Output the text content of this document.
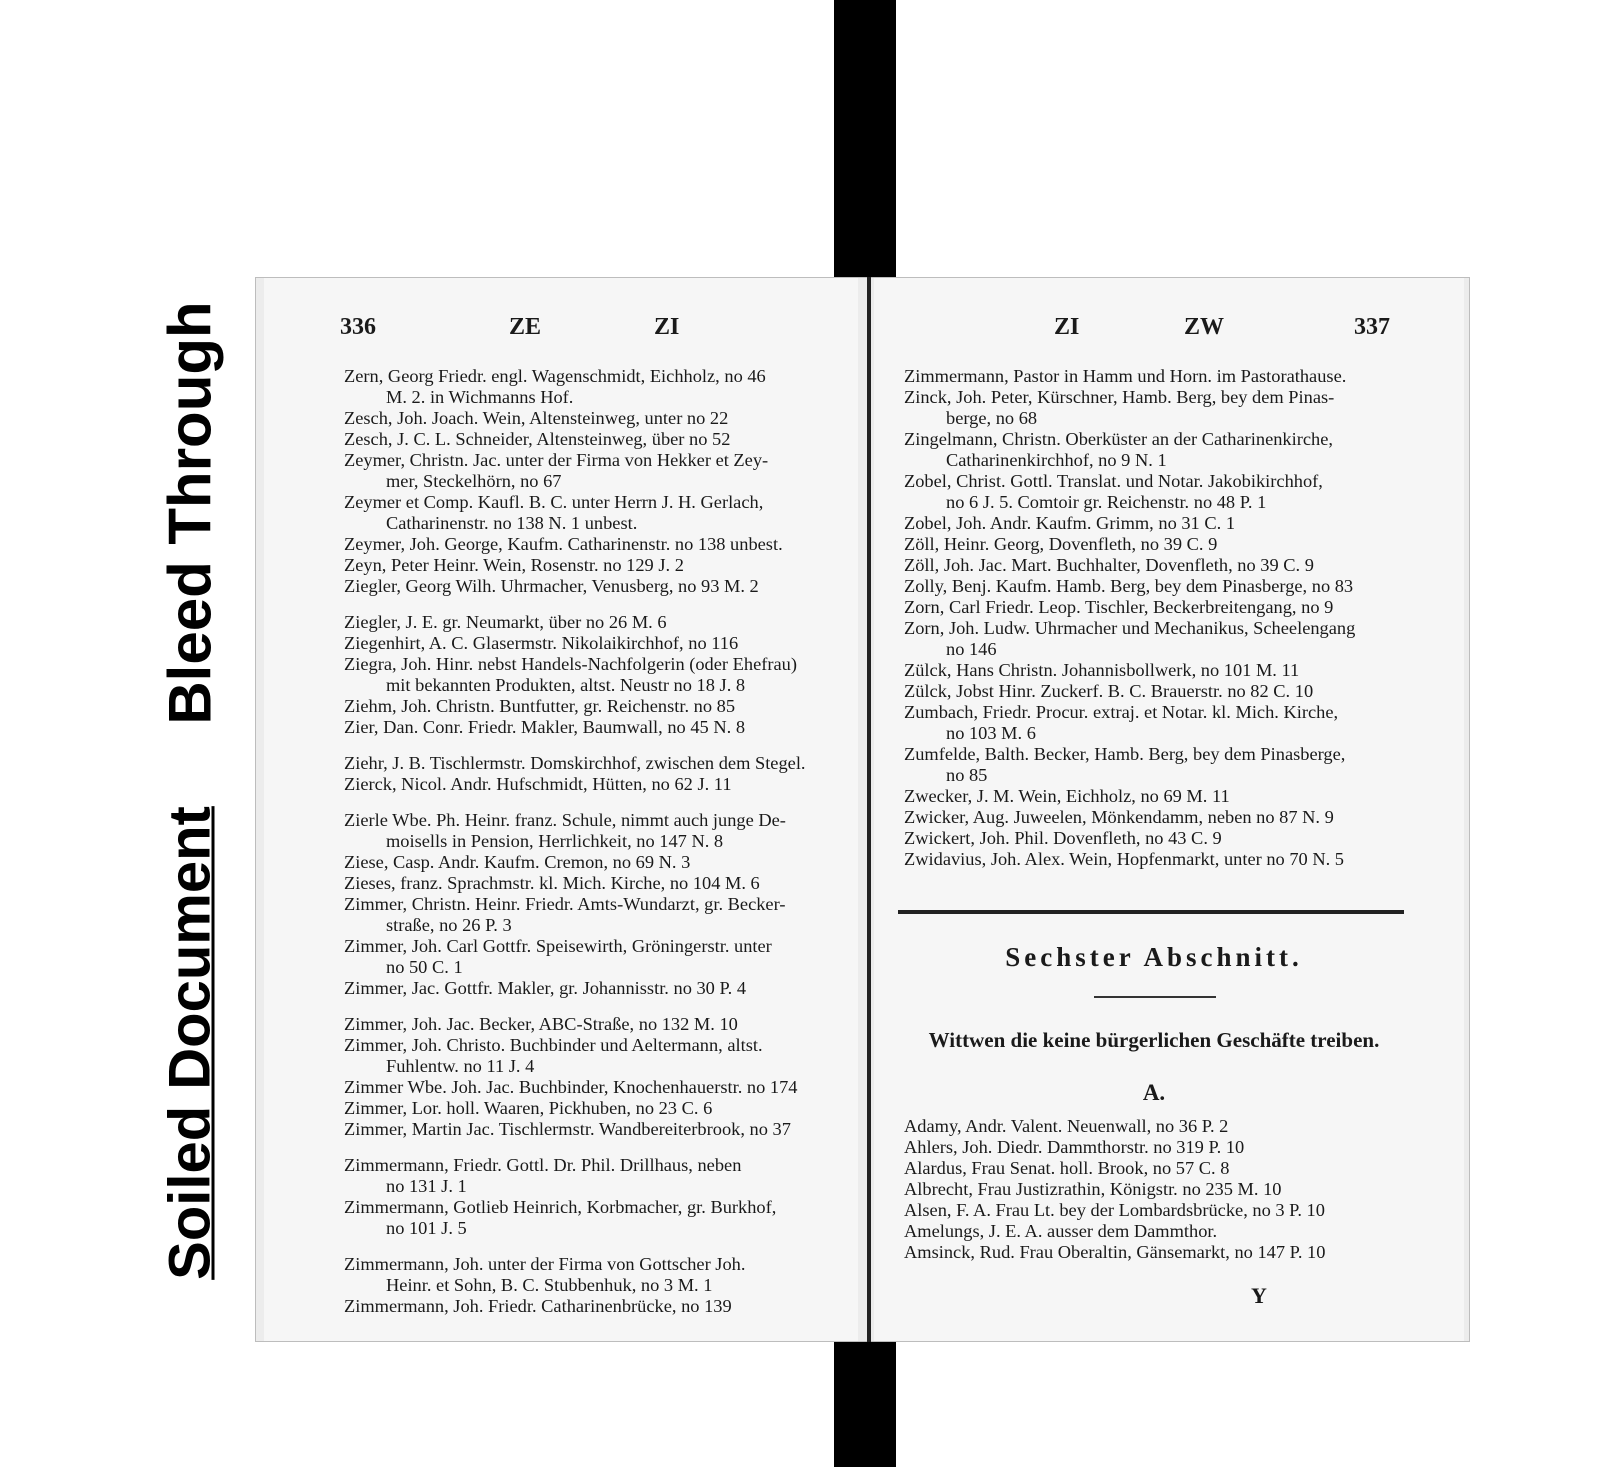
Bleed Through
Soiled Document
336	ZE	ZI
Zern, Georg Friedr. engl. Wagenschmidt, Eichholz, no 46
M. 2. in Wichmanns Hof.
Zesch, Joh. Joach. Wein, Altensteinweg, unter no 22
Zesch, J. C. L. Schneider, Altensteinweg, über no 52
Zeymer, Christn. Jac. unter der Firma von Hekker et Zey-
mer, Steckelhörn, no 67
Zeymer et Comp. Kaufl. B. C. unter Herrn J. H. Gerlach,
Catharinenstr. no 138 N. 1 unbest.
Zeymer, Joh. George, Kaufm. Catharinenstr. no 138 unbest.
Zeyn, Peter Heinr. Wein, Rosenstr. no 129 J. 2
Ziegler, Georg Wilh. Uhrmacher, Venusberg, no 93 M. 2
Ziegler, J. E. gr. Neumarkt, über no 26 M. 6
Ziegenhirt, A. C. Glasermstr. Nikolaikirchhof, no 116
Ziegra, Joh. Hinr. nebst Handels-Nachfolgerin (oder Ehefrau)
mit bekannten Produkten, altst. Neustr no 18 J. 8
Ziehm, Joh. Christn. Buntfutter, gr. Reichenstr. no 85
Zier, Dan. Conr. Friedr. Makler, Baumwall, no 45 N. 8
Ziehr, J. B. Tischlermstr. Domskirchhof, zwischen dem Stegel.
Zierck, Nicol. Andr. Hufschmidt, Hütten, no 62 J. 11
Zierle Wbe. Ph. Heinr. franz. Schule, nimmt auch junge De-
moisells in Pension, Herrlichkeit, no 147 N. 8
Ziese, Casp. Andr. Kaufm. Cremon, no 69 N. 3
Zieses, franz. Sprachmstr. kl. Mich. Kirche, no 104 M. 6
Zimmer, Christn. Heinr. Friedr. Amts-Wundarzt, gr. Becker-
straße, no 26 P. 3
Zimmer, Joh. Carl Gottfr. Speisewirth, Gröningerstr. unter
no 50 C. 1
Zimmer, Jac. Gottfr. Makler, gr. Johannisstr. no 30 P. 4
Zimmer, Joh. Jac. Becker, ABC-Straße, no 132 M. 10
Zimmer, Joh. Christo. Buchbinder und Aeltermann, altst.
Fuhlentw. no 11 J. 4
Zimmer Wbe. Joh. Jac. Buchbinder, Knochenhauerstr. no 174
Zimmer, Lor. holl. Waaren, Pickhuben, no 23 C. 6
Zimmer, Martin Jac. Tischlermstr. Wandbereiterbrook, no 37
Zimmermann, Friedr. Gottl. Dr. Phil. Drillhaus, neben
no 131 J. 1
Zimmermann, Gotlieb Heinrich, Korbmacher, gr. Burkhof,
no 101 J. 5
Zimmermann, Joh. unter der Firma von Gottscher Joh.
Heinr. et Sohn, B. C. Stubbenhuk, no 3 M. 1
Zimmermann, Joh. Friedr. Catharinenbrücke, no 139
ZI	ZW	337
Zimmermann, Pastor in Hamm und Horn. im Pastorathause.
Zinck, Joh. Peter, Kürschner, Hamb. Berg, bey dem Pinas-
berge, no 68
Zingelmann, Christn. Oberküster an der Catharinenkirche,
Catharinenkirchhof, no 9 N. 1
Zobel, Christ. Gottl. Translat. und Notar. Jakobikirchhof,
no 6 J. 5. Comtoir gr. Reichenstr. no 48 P. 1
Zobel, Joh. Andr. Kaufm. Grimm, no 31 C. 1
Zöll, Heinr. Georg, Dovenfleth, no 39 C. 9
Zöll, Joh. Jac. Mart. Buchhalter, Dovenfleth, no 39 C. 9
Zolly, Benj. Kaufm. Hamb. Berg, bey dem Pinasberge, no 83
Zorn, Carl Friedr. Leop. Tischler, Beckerbreitengang, no 9
Zorn, Joh. Ludw. Uhrmacher und Mechanikus, Scheelengang
no 146
Zülck, Hans Christn. Johannisbollwerk, no 101 M. 11
Zülck, Jobst Hinr. Zuckerf. B. C. Brauerstr. no 82 C. 10
Zumbach, Friedr. Procur. extraj. et Notar. kl. Mich. Kirche,
no 103 M. 6
Zumfelde, Balth. Becker, Hamb. Berg, bey dem Pinasberge,
no 85
Zwecker, J. M. Wein, Eichholz, no 69 M. 11
Zwicker, Aug. Juweelen, Mönkendamm, neben no 87 N. 9
Zwickert, Joh. Phil. Dovenfleth, no 43 C. 9
Zwidavius, Joh. Alex. Wein, Hopfenmarkt, unter no 70 N. 5
Sechster Abschnitt.
Wittwen die keine bürgerlichen Geschäfte treiben.
A.
Adamy, Andr. Valent. Neuenwall, no 36 P. 2
Ahlers, Joh. Diedr. Dammthorstr. no 319 P. 10
Alardus, Frau Senat. holl. Brook, no 57 C. 8
Albrecht, Frau Justizrathin, Königstr. no 235 M. 10
Alsen, F. A. Frau Lt. bey der Lombardsbrücke, no 3 P. 10
Amelungs, J. E. A. ausser dem Dammthor.
Amsinck, Rud. Frau Oberaltin, Gänsemarkt, no 147 P. 10
Y
